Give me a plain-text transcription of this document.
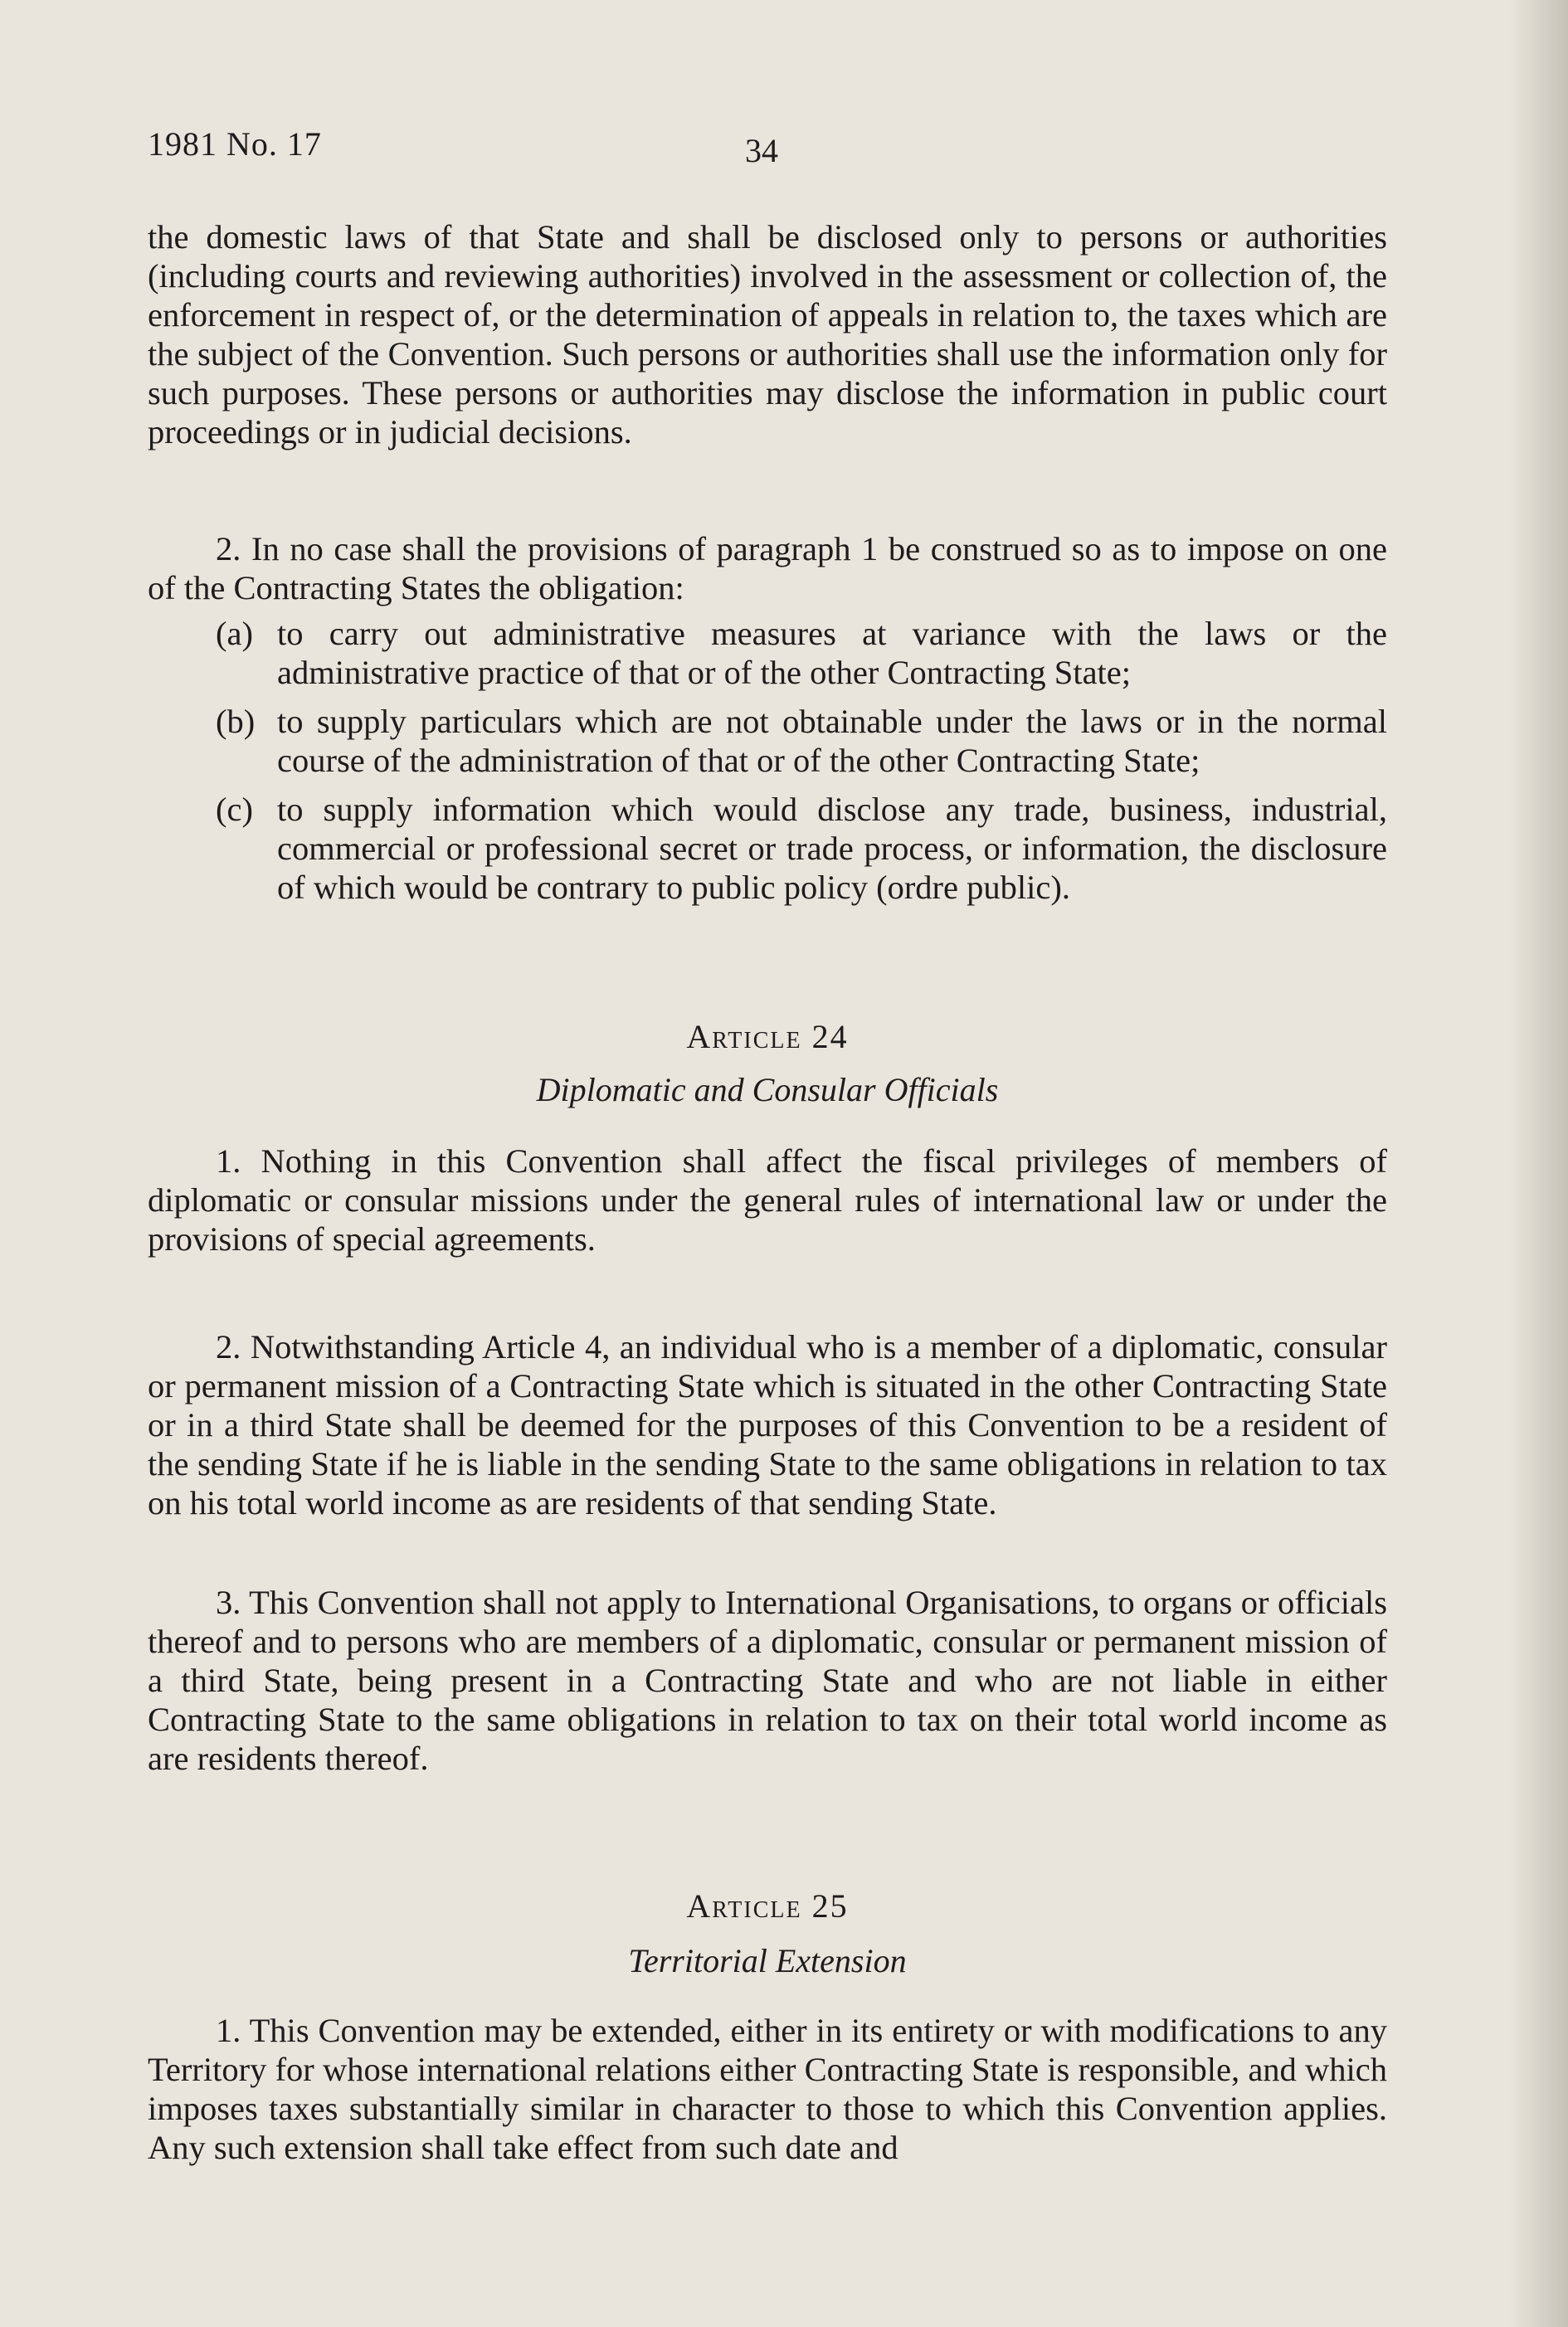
1981 No. 17	34

the domestic laws of that State and shall be disclosed only to persons or authorities (including courts and reviewing authorities) involved in the assessment or collection of, the enforcement in respect of, or the determination of appeals in relation to, the taxes which are the subject of the Convention. Such persons or authorities shall use the information only for such purposes. These persons or authorities may disclose the information in public court proceedings or in judicial decisions.

2. In no case shall the provisions of paragraph 1 be construed so as to impose on one of the Contracting States the obligation:

(a) to carry out administrative measures at variance with the laws or the administrative practice of that or of the other Contracting State;
(b) to supply particulars which are not obtainable under the laws or in the normal course of the administration of that or of the other Contracting State;
(c) to supply information which would disclose any trade, business, industrial, commercial or professional secret or trade process, or information, the disclosure of which would be contrary to public policy (ordre public).
Article 24
Diplomatic and Consular Officials

1. Nothing in this Convention shall affect the fiscal privileges of members of diplomatic or consular missions under the general rules of international law or under the provisions of special agreements.

2. Notwithstanding Article 4, an individual who is a member of a diplomatic, consular or permanent mission of a Contracting State which is situated in the other Contracting State or in a third State shall be deemed for the purposes of this Convention to be a resident of the sending State if he is liable in the sending State to the same obligations in relation to tax on his total world income as are residents of that sending State.

3. This Convention shall not apply to International Organisations, to organs or officials thereof and to persons who are members of a diplomatic, consular or permanent mission of a third State, being present in a Contracting State and who are not liable in either Contracting State to the same obligations in relation to tax on their total world income as are residents thereof.

Article 25
Territorial Extension

1. This Convention may be extended, either in its entirety or with modifications to any Territory for whose international relations either Contracting State is responsible, and which imposes taxes substantially similar in character to those to which this Convention applies. Any such extension shall take effect from such date and
